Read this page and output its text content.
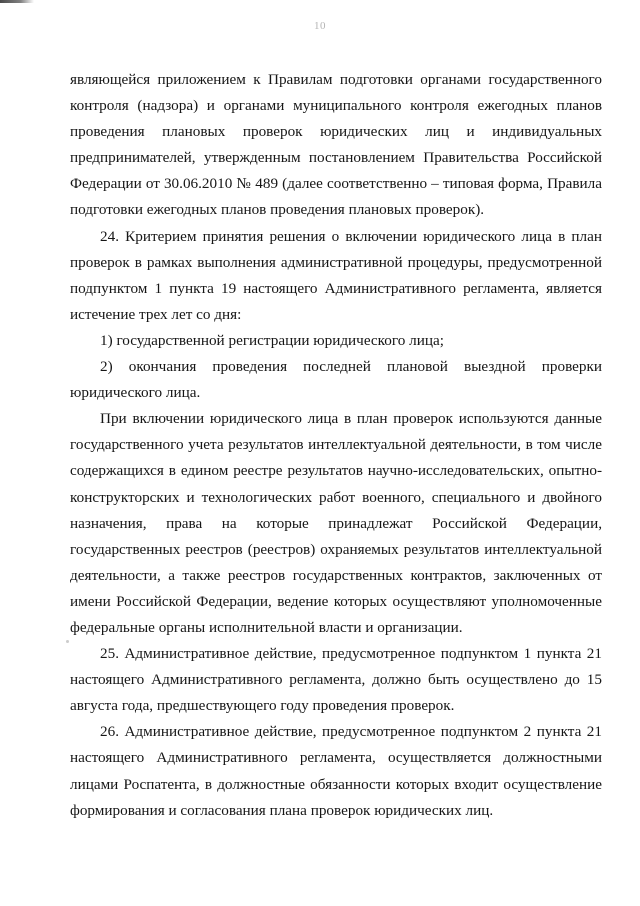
10

являющейся приложением к Правилам подготовки органами государственного контроля (надзора) и органами муниципального контроля ежегодных планов проведения плановых проверок юридических лиц и индивидуальных предпринимателей, утвержденным постановлением Правительства Российской Федерации от 30.06.2010 № 489 (далее соответственно – типовая форма, Правила подготовки ежегодных планов проведения плановых проверок).

24. Критерием принятия решения о включении юридического лица в план проверок в рамках выполнения административной процедуры, предусмотренной подпунктом 1 пункта 19 настоящего Административного регламента, является истечение трех лет со дня:

1) государственной регистрации юридического лица;

2) окончания проведения последней плановой выездной проверки юридического лица.

При включении юридического лица в план проверок используются данные государственного учета результатов интеллектуальной деятельности, в том числе содержащихся в едином реестре результатов научно-исследовательских, опытно-конструкторских и технологических работ военного, специального и двойного назначения, права на которые принадлежат Российской Федерации, государственных реестров (реестров) охраняемых результатов интеллектуальной деятельности, а также реестров государственных контрактов, заключенных от имени Российской Федерации, ведение которых осуществляют уполномоченные федеральные органы исполнительной власти и организации.

25. Административное действие, предусмотренное подпунктом 1 пункта 21 настоящего Административного регламента, должно быть осуществлено до 15 августа года, предшествующего году проведения проверок.

26. Административное действие, предусмотренное подпунктом 2 пункта 21 настоящего Административного регламента, осуществляется должностными лицами Роспатента, в должностные обязанности которых входит осуществление формирования и согласования плана проверок юридических лиц.
